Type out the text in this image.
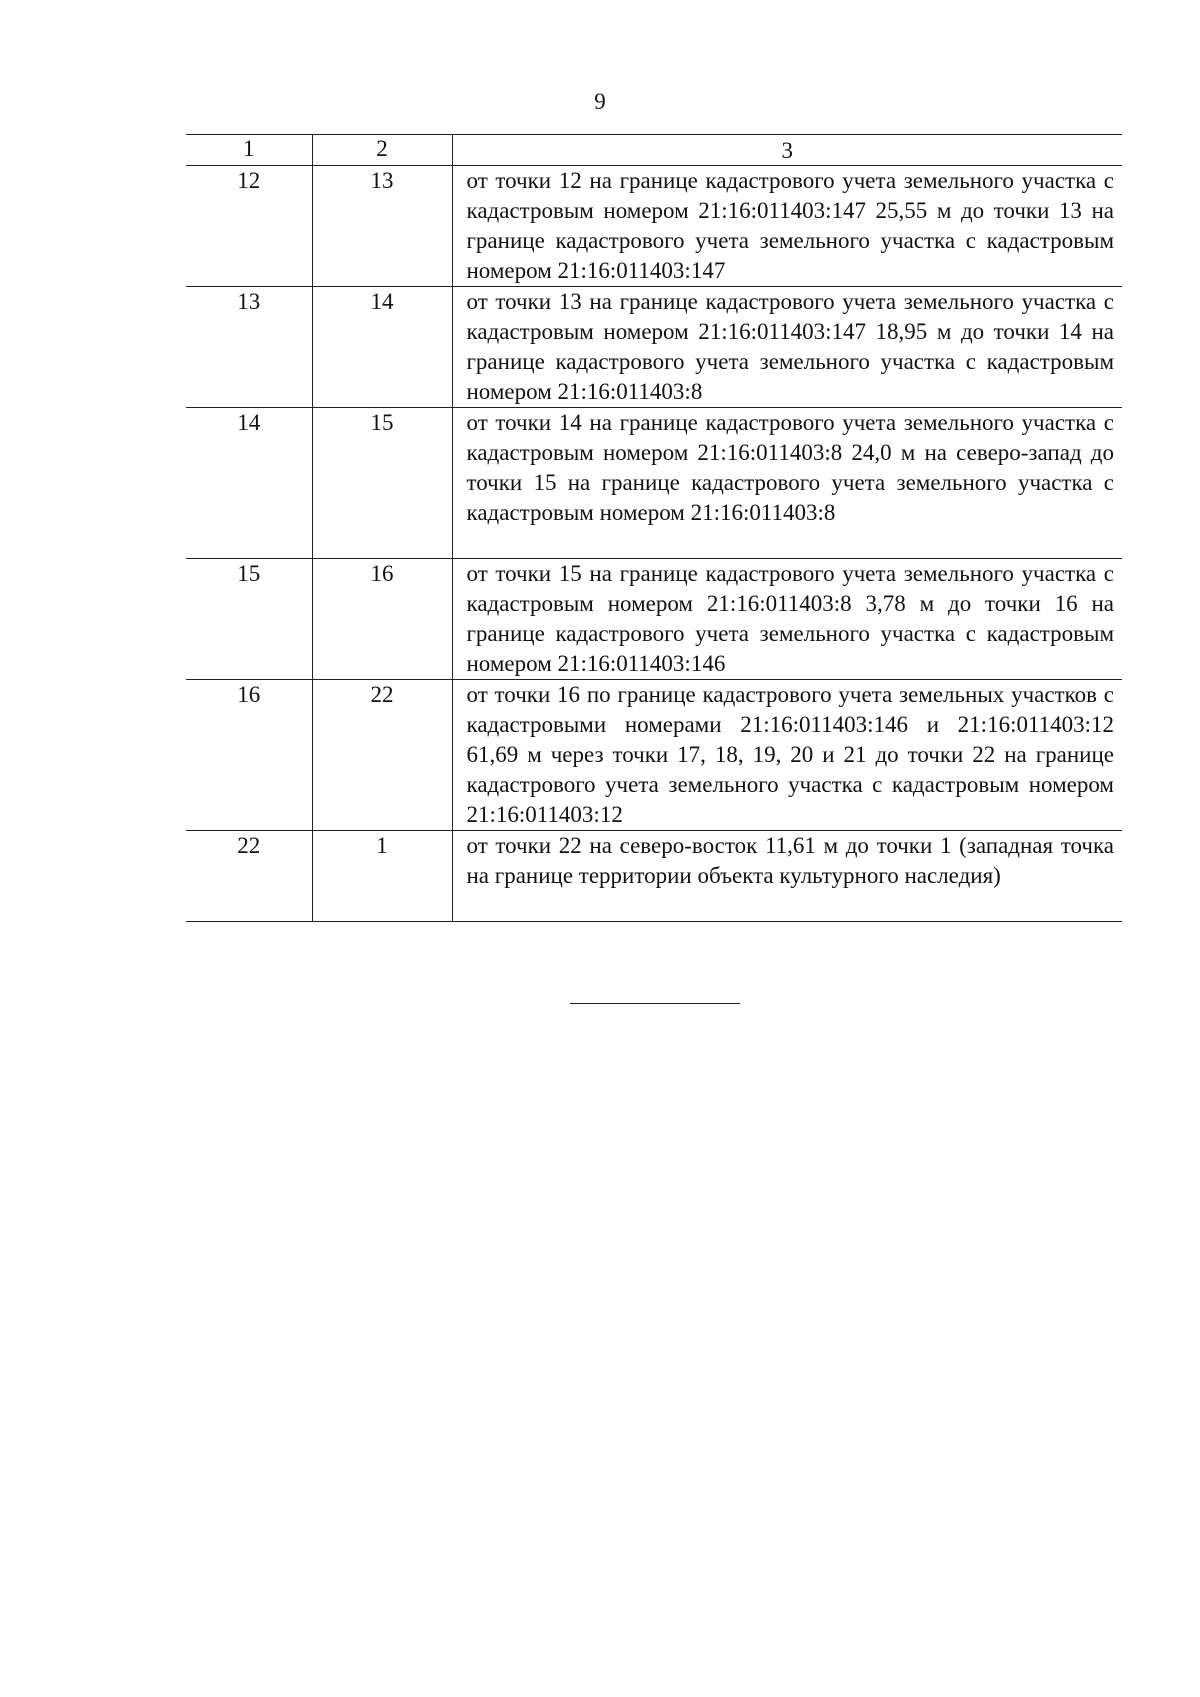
9
1	2	3
12	13	от точки 12 на границе кадастрового учета земельного участка с кадастровым номером 21:16:011403:147 25,55 м до точки 13 на границе кадастрового учета земельного участка с кадастровым номером 21:16:011403:147

13	14	от точки 13 на границе кадастрового учета земельного участка с кадастровым номером 21:16:011403:147 18,95 м до точки 14 на границе кадастрового учета земельного участка с кадастровым номером 21:16:011403:8

14	15	от точки 14 на границе кадастрового учета земельного участка с кадастровым номером 21:16:011403:8 24,0 м на северо-запад до точки 15 на границе кадастрового учета земельного участка с кадастровым номером 21:16:011403:8

15	16	от точки 15 на границе кадастрового учета земельного участка с кадастровым номером 21:16:011403:8 3,78 м до точки 16 на границе кадастрового учета земельного участка с кадастровым номером 21:16:011403:146

16	22	от точки 16 по границе кадастрового учета земельных участков с кадастровыми номерами 21:16:011403:146 и 21:16:011403:12 61,69 м через точки 17, 18, 19, 20 и 21 до точки 22 на границе кадастрового учета земельного участка с кадастровым номером 21:16:011403:12

22	1	от точки 22 на северо-восток 11,61 м до точки 1 (западная точка на границе территории объекта культурного наследия)
